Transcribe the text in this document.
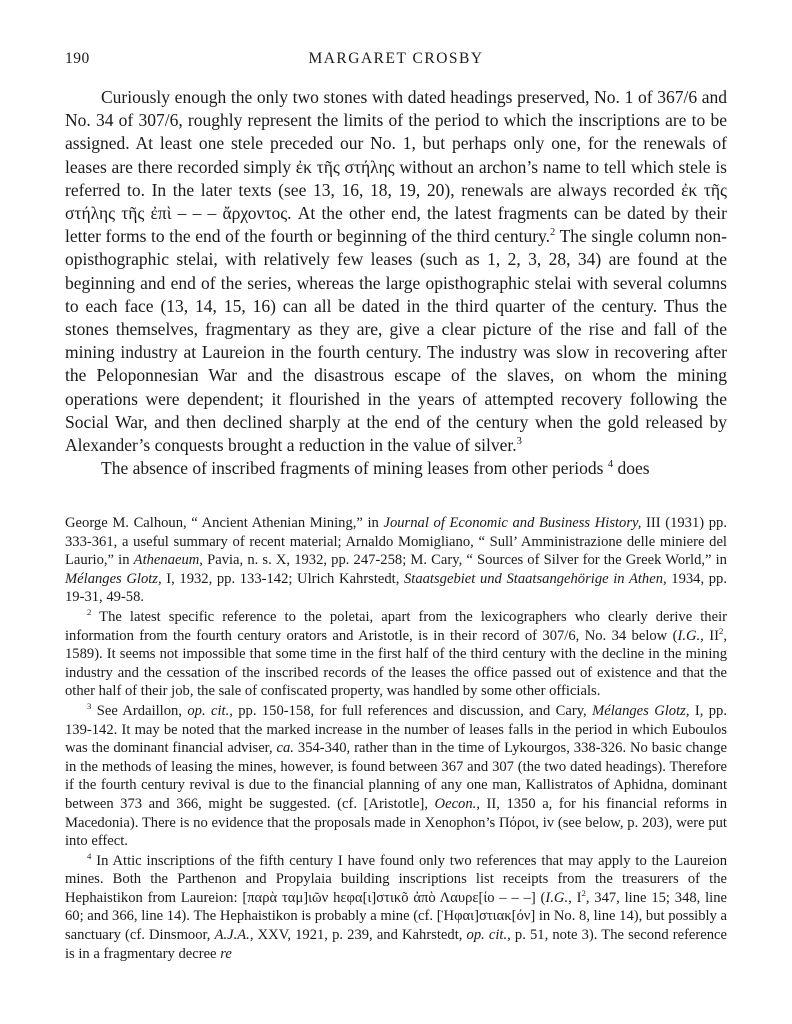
190	MARGARET CROSBY

Curiously enough the only two stones with dated headings preserved, No. 1 of 367/6 and No. 34 of 307/6, roughly represent the limits of the period to which the inscriptions are to be assigned. At least one stele preceded our No. 1, but perhaps only one, for the renewals of leases are there recorded simply ἐκ τῆς στήλης without an archon’s name to tell which stele is referred to. In the later texts (see 13, 16, 18, 19, 20), renewals are always recorded ἐκ τῆς στήλης τῆς ἐπὶ – – – ἄρχοντος. At the other end, the latest fragments can be dated by their letter forms to the end of the fourth or beginning of the third century.$^2$ The single column non-opisthographic stelai, with relatively few leases (such as 1, 2, 3, 28, 34) are found at the beginning and end of the series, whereas the large opisthographic stelai with several columns to each face (13, 14, 15, 16) can all be dated in the third quarter of the century. Thus the stones themselves, fragmentary as they are, give a clear picture of the rise and fall of the mining industry at Laureion in the fourth century. The industry was slow in recovering after the Peloponnesian War and the disastrous escape of the slaves, on whom the mining operations were dependent; it flourished in the years of attempted recovery following the Social War, and then declined sharply at the end of the century when the gold released by Alexander’s conquests brought a reduction in the value of silver.$^3$

The absence of inscribed fragments of mining leases from other periods $^4$ does

George M. Calhoun, “ Ancient Athenian Mining,” in Journal of Economic and Business History, III (1931) pp. 333-361, a useful summary of recent material; Arnaldo Momigliano, “ Sull’ Amministrazione delle miniere del Laurio,” in Athenaeum, Pavia, n. s. X, 1932, pp. 247-258; M. Cary, “ Sources of Silver for the Greek World,” in Mélanges Glotz, I, 1932, pp. 133-142; Ulrich Kahrstedt, Staatsgebiet und Staatsangehörige in Athen, 1934, pp. 19-31, 49-58.

$^2$ The latest specific reference to the poletai, apart from the lexicographers who clearly derive their information from the fourth century orators and Aristotle, is in their record of 307/6, No. 34 below (I.G., $II^2$, 1589). It seems not impossible that some time in the first half of the third century with the decline in the mining industry and the cessation of the inscribed records of the leases the office passed out of existence and that the other half of their job, the sale of confiscated property, was handled by some other officials.

$^3$ See Ardaillon, op. cit., pp. 150-158, for full references and discussion, and Cary, Mélanges Glotz, I, pp. 139-142. It may be noted that the marked increase in the number of leases falls in the period in which Euboulos was the dominant financial adviser, ca. 354-340, rather than in the time of Lykourgos, 338-326. No basic change in the methods of leasing the mines, however, is found between 367 and 307 (the two dated headings). Therefore if the fourth century revival is due to the financial planning of any one man, Kallistratos of Aphidna, dominant between 373 and 366, might be suggested. (cf. [Aristotle], Oecon., II, 1350 a, for his financial reforms in Macedonia). There is no evidence that the proposals made in Xenophon’s Πόροι, iv (see below, p. 203), were put into effect.

$^4$ In Attic inscriptions of the fifth century I have found only two references that may apply to the Laureion mines. Both the Parthenon and Propylaia building inscriptions list receipts from the treasurers of the Hephaistikon from Laureion: [παρὰ ταμ]ιῶν hεφα[ι]στικõ ἀπὸ Λαυρε[ίο – – –] (I.G., $I^2$, 347, line 15; 348, line 60; and 366, line 14). The Hephaistikon is probably a mine (cf. [Ἡφαι]στιακ[όν] in No. 8, line 14), but possibly a sanctuary (cf. Dinsmoor, A.J.A., XXV, 1921, p. 239, and Kahrstedt, op. cit., p. 51, note 3). The second reference is in a fragmentary decree re
